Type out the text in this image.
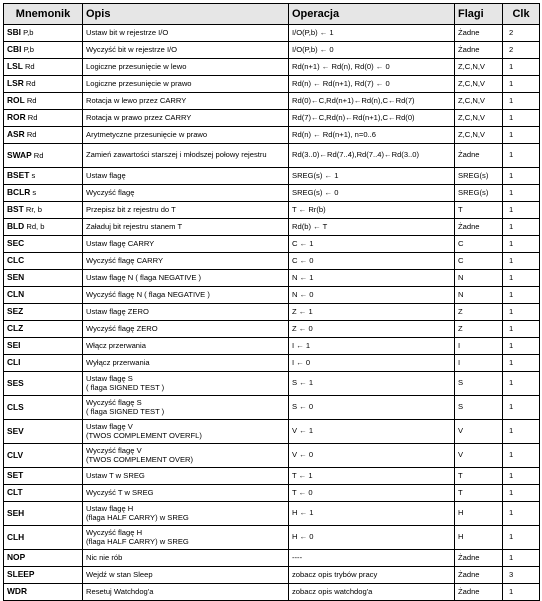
Mnemonik	Opis	Operacja	Flagi	Clk
SBI P,b	Ustaw bit w rejestrze I/O	I/O(P,b) ← 1	Żadne	2
CBI P,b	Wyczyść bit w rejestrze I/O	I/O(P,b) ← 0	Żadne	2
LSL Rd	Logiczne przesunięcie w lewo	Rd(n+1) ← Rd(n), Rd(0) ← 0	Z,C,N,V	1
LSR Rd	Logiczne przesunięcie w prawo	Rd(n) ← Rd(n+1), Rd(7) ← 0	Z,C,N,V	1
ROL Rd	Rotacja w lewo przez CARRY	Rd(0)←C,Rd(n+1)←Rd(n),C←Rd(7)	Z,C,N,V	1
ROR Rd	Rotacja w prawo przez CARRY	Rd(7)←C,Rd(n)←Rd(n+1),C←Rd(0)	Z,C,N,V	1
ASR Rd	Arytmetyczne przesunięcie w prawo	Rd(n) ← Rd(n+1), n=0..6	Z,C,N,V	1
SWAP Rd	Zamień zawartości starszej i młodszej połowy rejestru	Rd(3..0)←Rd(7..4),Rd(7..4)←Rd(3..0)	Żadne	1
BSET s	Ustaw flagę	SREG(s) ← 1	SREG(s)	1
BCLR s	Wyczyść flagę	SREG(s) ← 0	SREG(s)	1
BST Rr, b	Przepisz bit z rejestru do T	T ← Rr(b)	T	1
BLD Rd, b	Załaduj bit rejestru stanem T	Rd(b) ← T	Żadne	1
SEC	Ustaw flagę CARRY	C ← 1	C	1
CLC	Wyczyść flagę CARRY	C ← 0	C	1
SEN	Ustaw flagę N ( flaga NEGATIVE )	N ← 1	N	1
CLN	Wyczyść flagę N ( flaga NEGATIVE )	N ← 0	N	1
SEZ	Ustaw flagę ZERO	Z ← 1	Z	1
CLZ	Wyczyść flagę ZERO	Z ← 0	Z	1
SEI	Włącz przerwania	I ← 1	I	1
CLI	Wyłącz przerwania	I ← 0	I	1
SES	Ustaw flagę S
( flaga SIGNED TEST )	S ← 1	S	1
CLS	Wyczyść flagę S
( flaga SIGNED TEST )	S ← 0	S	1
SEV	Ustaw flagę V
(TWOS COMPLEMENT OVERFL)	V ← 1	V	1
CLV	Wyczyść flagę V
(TWOS COMPLEMENT OVER)	V ← 0	V	1
SET	Ustaw T w SREG	T ← 1	T	1
CLT	Wyczyść T w SREG	T ← 0	T	1
SEH	Ustaw flagę H
(flaga HALF CARRY) w SREG	H ← 1	H	1
CLH	Wyczyść flagę H
(flaga HALF CARRY) w SREG	H ← 0	H	1
NOP	Nic nie rób	----	Żadne	1
SLEEP	Wejdź w stan Sleep	zobacz opis trybów pracy	Żadne	3
WDR	Resetuj Watchdog'a	zobacz opis watchdog'a	Żadne	1
